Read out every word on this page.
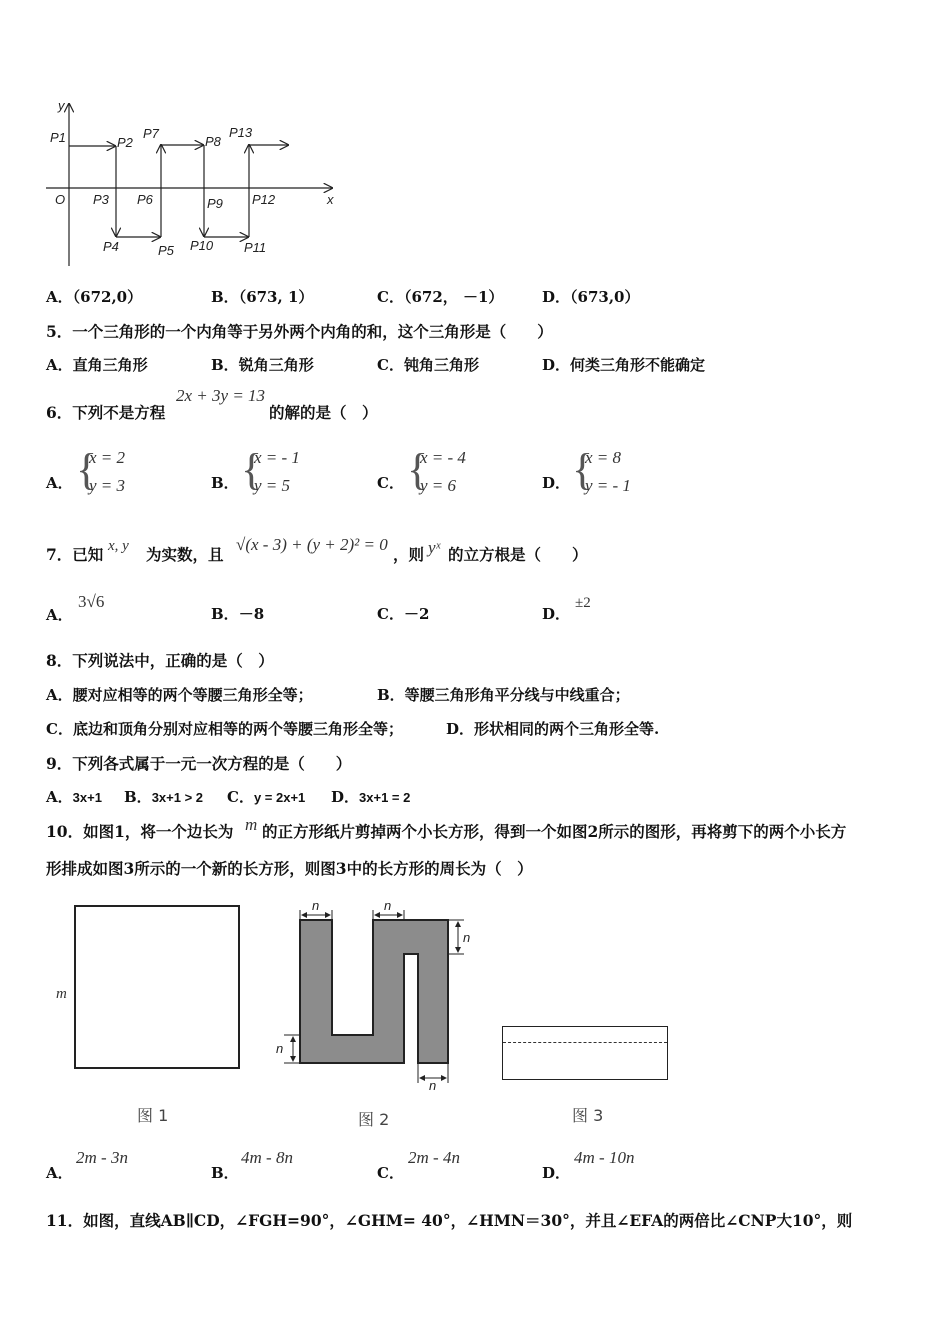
y
x
O
P1	P2
P7
P8
P13
P3 P6	P9 P12
P4	P5 P10 P11
A．（672,0）	B．（673, 1）	C．（672， －1）	D．（673,0）
5．一个三角形的一个内角等于另外两个内角的和，这个三角形是（　　）
A．直角三角形	B．锐角三角形	C．钝角三角形	D．何类三角形不能确定
6．下列不是方程
2x + 3y = 13
的解的是（　）
A． {
x = 2
y = 3	B． {
x = - 1
y = 5	C． {
x = - 4
y = 6	D． {
x = 8
y = - 1
7．已知 x, y 为实数，且
√(x - 3) + (y + 2)² = 0
，则 yˣ 的立方根是（　　）
A．
3√6
B．－8	C．－2	D．
±2
8．下列说法中，正确的是（　）
A．腰对应相等的两个等腰三角形全等；	B．等腰三角形角平分线与中线重合；
C．底边和顶角分别对应相等的两个等腰三角形全等；	D．形状相同的两个三角形全等.
9．下列各式属于一元一次方程的是（　　）
A．3x+1 B．3x+1 > 2 C．y = 2x+1 D．3x+1 = 2
10．如图1，将一个边长为 m 的正方形纸片剪掉两个小长方形，得到一个如图2所示的图形，再将剪下的两个小长方
形排成如图3所示的一个新的长方形，则图3中的长方形的周长为（　）
m
图 1
n	n
n
n
n
图 2	图 3
A．
2m - 3n
B．
4m - 8n
C．
2m - 4n
D．
4m - 10n
11．如图，直线AB∥CD，∠FGH=90°，∠GHM= 40°，∠HMN＝30°，并且∠EFA的两倍比∠CNP大10°，则
